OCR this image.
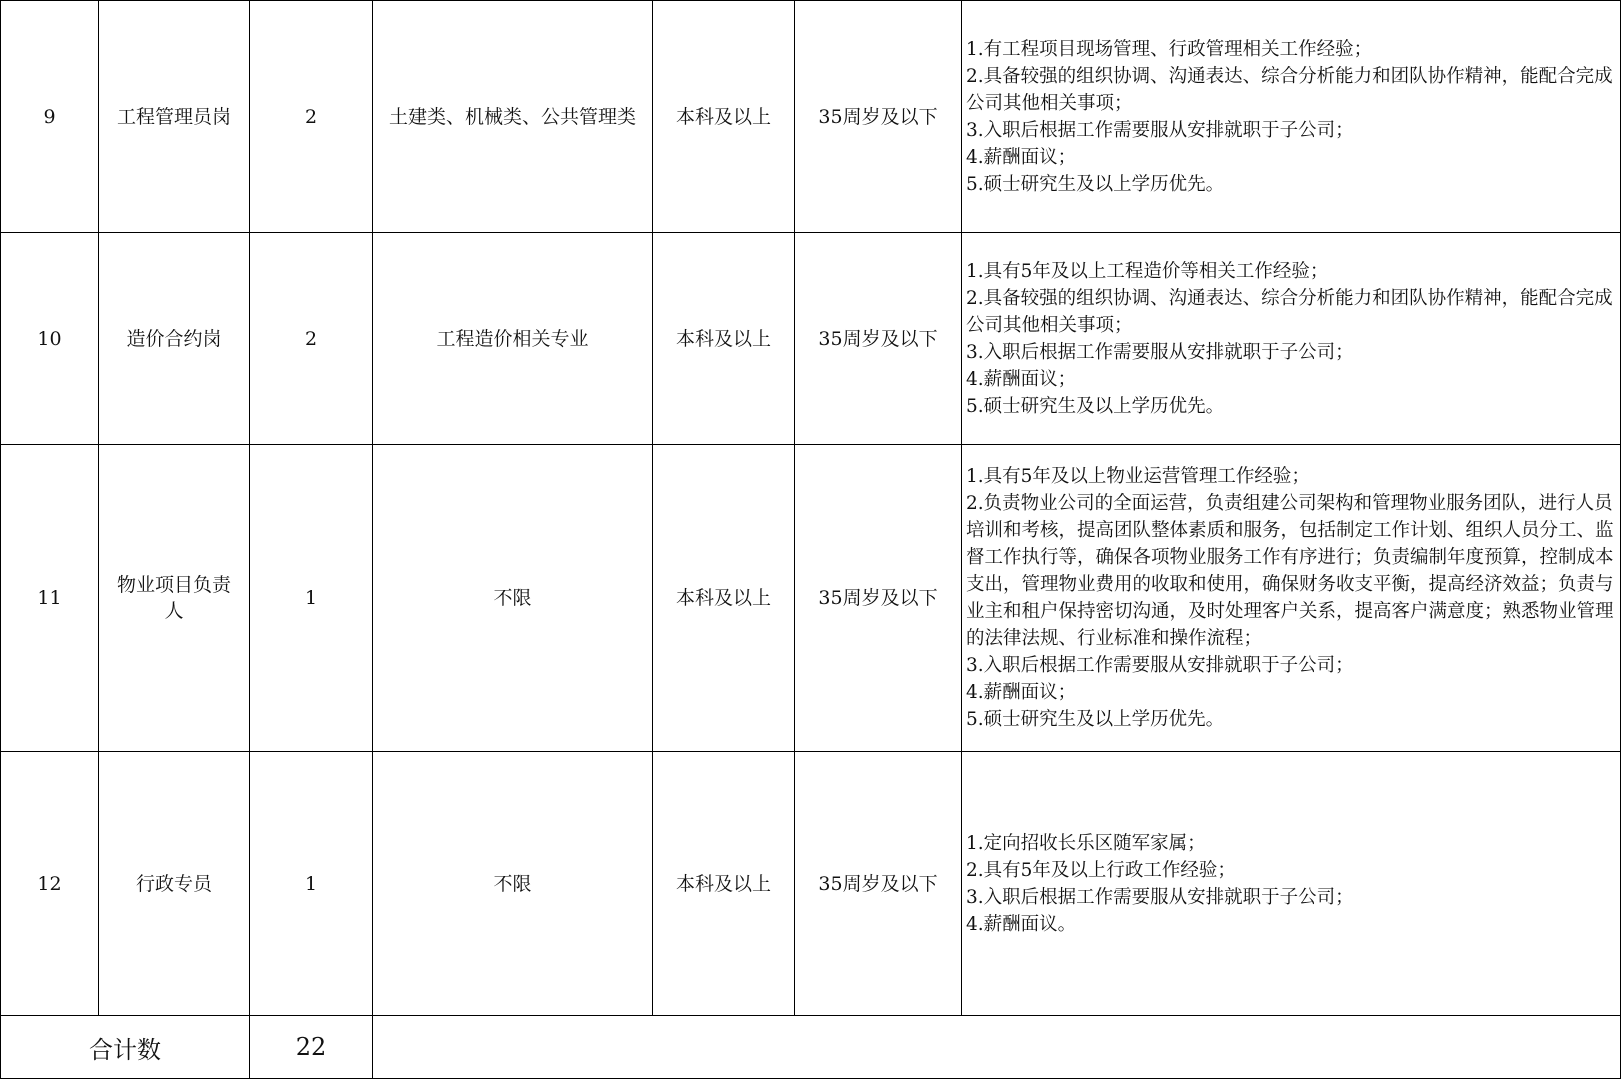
9	工程管理员岗	2	土建类、机械类、公共管理类	本科及以上	35周岁及以下	1.有工程项目现场管理、行政管理相关工作经验；
2.具备较强的组织协调、沟通表达、综合分析能力和团队协作精神，能配合完成公司其他相关事项；
3.入职后根据工作需要服从安排就职于子公司；
4.薪酬面议；
5.硕士研究生及以上学历优先。

10	造价合约岗	2	工程造价相关专业	本科及以上	35周岁及以下	1.具有5年及以上工程造价等相关工作经验；
2.具备较强的组织协调、沟通表达、综合分析能力和团队协作精神，能配合完成公司其他相关事项；
3.入职后根据工作需要服从安排就职于子公司；
4.薪酬面议；
5.硕士研究生及以上学历优先。

11	物业项目负责人	1	不限	本科及以上	35周岁及以下	1.具有5年及以上物业运营管理工作经验；
2.负责物业公司的全面运营，负责组建公司架构和管理物业服务团队，进行人员培训和考核，提高团队整体素质和服务，包括制定工作计划、组织人员分工、监督工作执行等，确保各项物业服务工作有序进行；负责编制年度预算，控制成本支出，管理物业费用的收取和使用，确保财务收支平衡，提高经济效益；负责与业主和租户保持密切沟通，及时处理客户关系，提高客户满意度；熟悉物业管理的法律法规、行业标准和操作流程；
3.入职后根据工作需要服从安排就职于子公司；
4.薪酬面议；
5.硕士研究生及以上学历优先。

12	行政专员	1	不限	本科及以上	35周岁及以下	1.定向招收长乐区随军家属；
2.具有5年及以上行政工作经验；
3.入职后根据工作需要服从安排就职于子公司；
4.薪酬面议。

合计数		22				
